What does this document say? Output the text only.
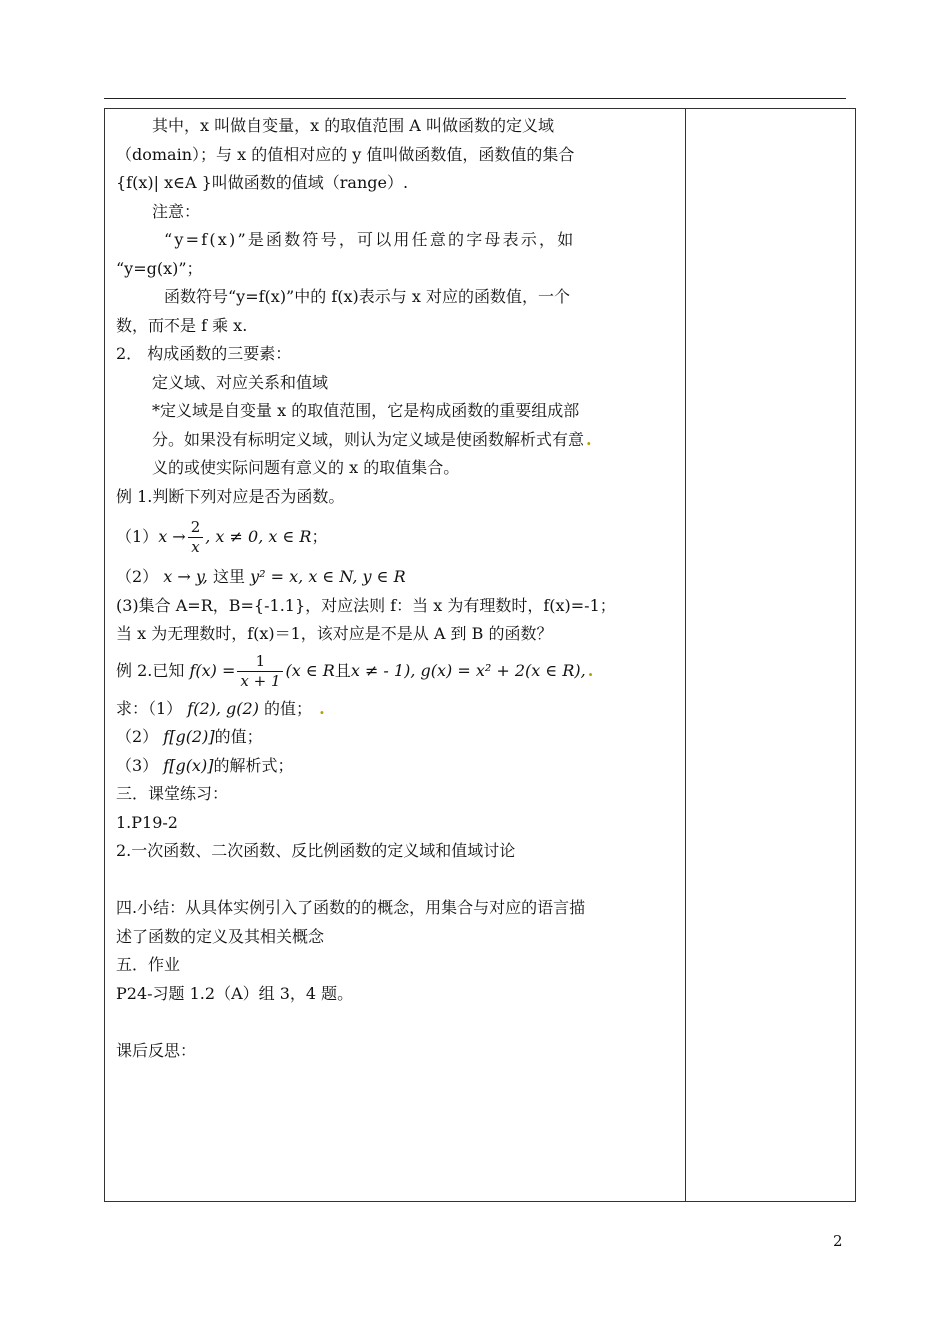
其中，x 叫做自变量，x 的取值范围 A 叫做函数的定义域
（domain）；与 x 的值相对应的 y 值叫做函数值，函数值的集合
{f(x)| x∈A }叫做函数的值域（range）.
注意：
“y=f(x)”是函数符号，可以用任意的字母表示，如
“y=g(x)”；
函数符号“y=f(x)”中的 f(x)表示与 x 对应的函数值，一个
数，而不是 f 乘 x.
2． 构成函数的三要素：
定义域、对应关系和值域
*定义域是自变量 x 的取值范围，它是构成函数的重要组成部
分。如果没有标明定义域，则认为定义域是使函数解析式有意 .
义的或使实际问题有意义的 x 的取值集合。
例 1.判断下列对应是否为函数。
（1） $x \to \frac{2}{x}$ , x ≠ 0, x ∈ R ；
（2） x → y, 这里 y² = x, x ∈ N, y ∈ R
(3)集合 A=R，B={-1.1}，对应法则 f：当 x 为有理数时，f(x)=-1；
当 x 为无理数时，f(x)＝1，该对应是不是从 A 到 B 的函数？
例 2.已知
$f(x) = \frac{1}{x + 1} (x$ ∈ R 且 x ≠ - 1), g(x) = x² + 2(x ∈ R), .
求：（1） f(2), g(2) 的值； .
（2） f[g(2)]的值；
（3） f[g(x)]的解析式；
三．课堂练习：
1.P19-2
2.一次函数、二次函数、反比例函数的定义域和值域讨论
四.小结：从具体实例引入了函数的的概念，用集合与对应的语言描
述了函数的定义及其相关概念
五．作业
P24-习题 1.2（A）组 3，4 题。
课后反思：
2
